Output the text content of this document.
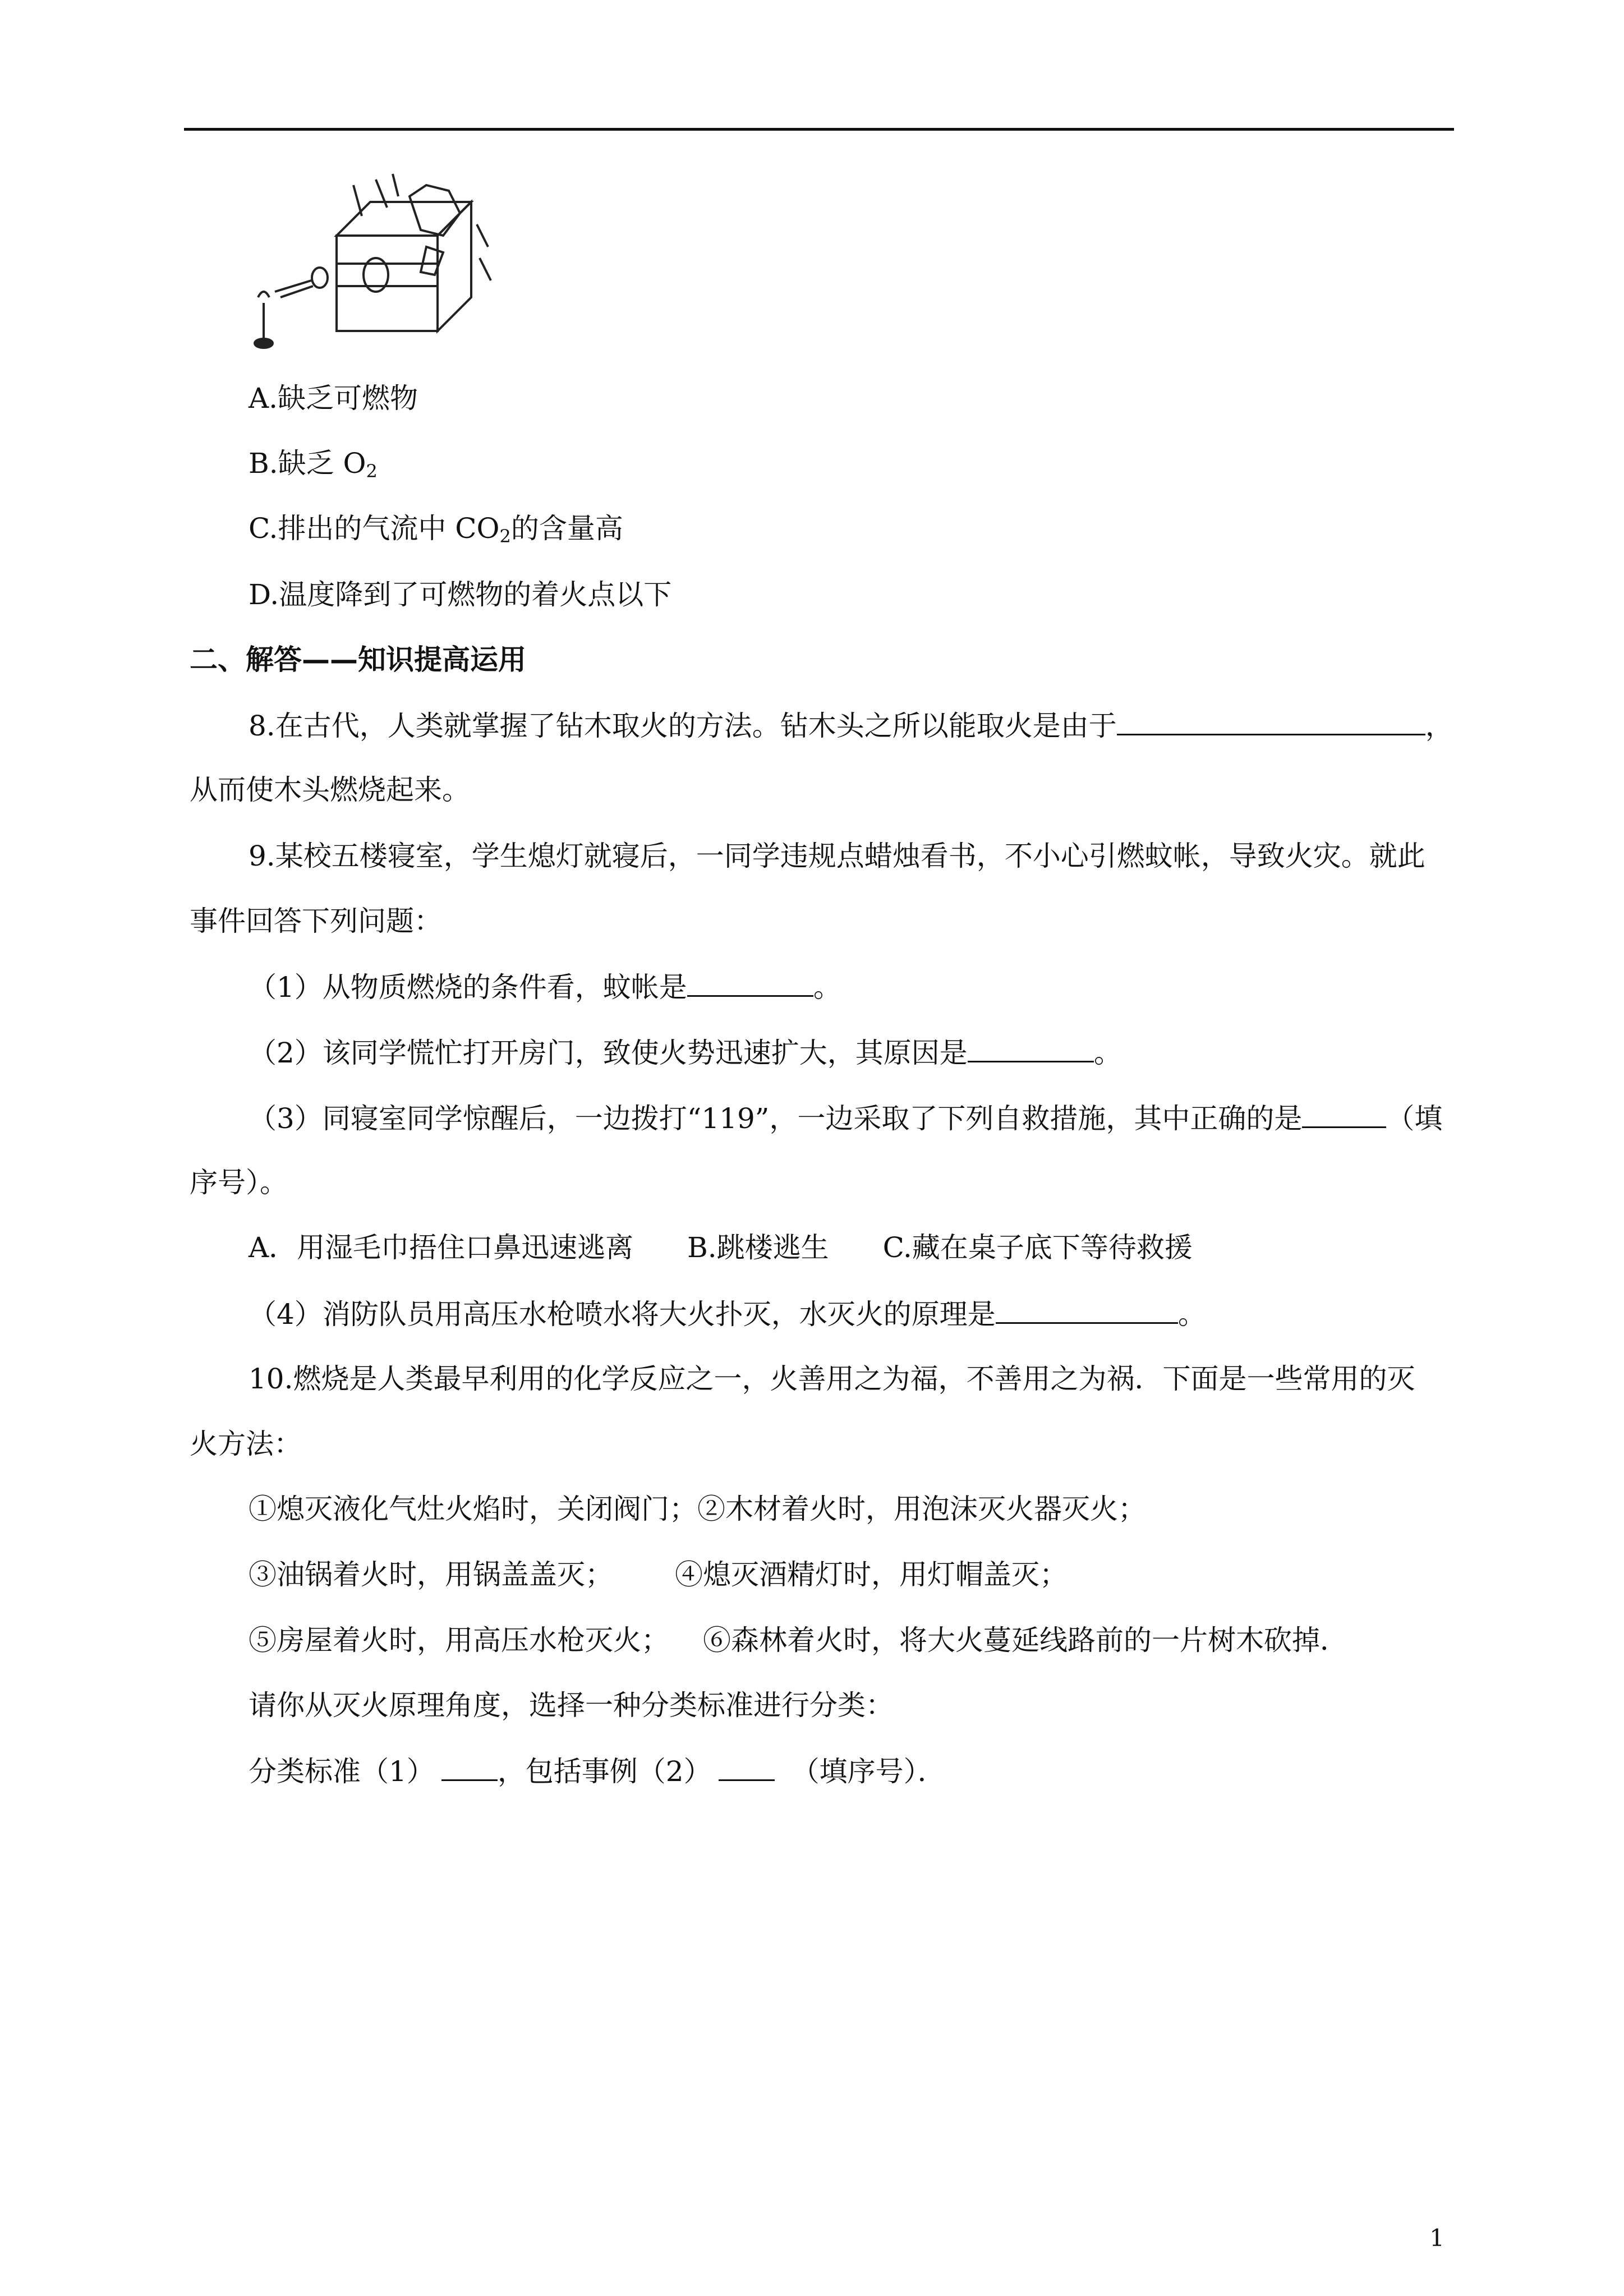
A.缺乏可燃物
B.缺乏 $O_2$
C.排出的气流中 $CO_2$的含量高
D.温度降到了可燃物的着火点以下
二、解答——知识提高运用
8.在古代，人类就掌握了钻木取火的方法。钻木头之所以能取火是由于	，
从而使木头燃烧起来。
9.某校五楼寝室，学生熄灯就寝后，一同学违规点蜡烛看书，不小心引燃蚊帐，导致火灾。就此
事件回答下列问题：
（1）从物质燃烧的条件看，蚊帐是	。
（2）该同学慌忙打开房门，致使火势迅速扩大，其原因是	。
（3）同寝室同学惊醒后，一边拨打“119”，一边采取了下列自救措施，其中正确的是	（填
序号）。
A．用湿毛巾捂住口鼻迅速逃离 B.跳楼逃生 C.藏在桌子底下等待救援
（4）消防队员用高压水枪喷水将大火扑灭，水灭火的原理是	。
10.燃烧是人类最早利用的化学反应之一，火善用之为福，不善用之为祸．下面是一些常用的灭
火方法：
①熄灭液化气灶火焰时，关闭阀门；②木材着火时，用泡沫灭火器灭火；
③油锅着火时，用锅盖盖灭； ④熄灭酒精灯时，用灯帽盖灭；
⑤房屋着火时，用高压水枪灭火； ⑥森林着火时，将大火蔓延线路前的一片树木砍掉．
请你从灭火原理角度，选择一种分类标准进行分类：
分类标准（1） ，包括事例（2）	（填序号）．
1
